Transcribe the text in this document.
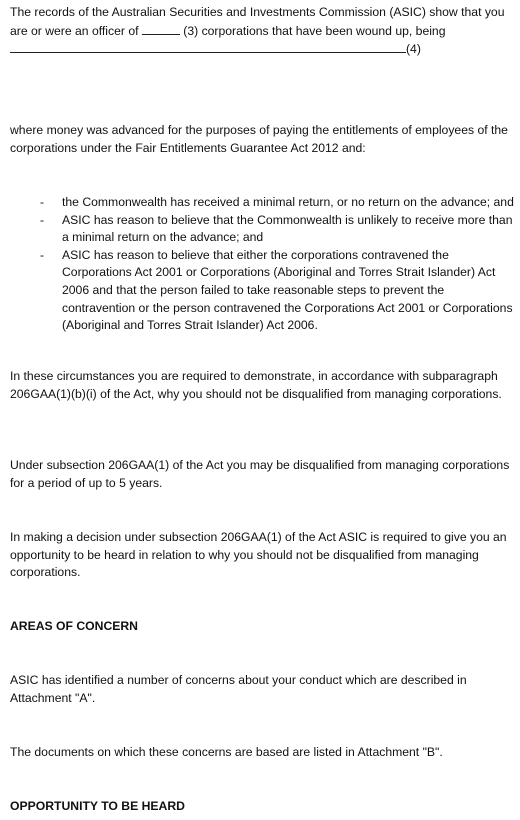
The records of the Australian Securities and Investments Commission (ASIC) show that you are or were an officer of	(3) corporations that have been wound up, being (4)

where money was advanced for the purposes of paying the entitlements of employees of the corporations under the Fair Entitlements Guarantee Act 2012 and:

- the Commonwealth has received a minimal return, or no return on the advance; and
- ASIC has reason to believe that the Commonwealth is unlikely to receive more than a minimal return on the advance; and
- ASIC has reason to believe that either the corporations contravened the Corporations Act 2001 or Corporations (Aboriginal and Torres Strait Islander) Act 2006 and that the person failed to take reasonable steps to prevent the contravention or the person contravened the Corporations Act 2001 or Corporations (Aboriginal and Torres Strait Islander) Act 2006.

In these circumstances you are required to demonstrate, in accordance with subparagraph 206GAA(1)(b)(i) of the Act, why you should not be disqualified from managing corporations.

Under subsection 206GAA(1) of the Act you may be disqualified from managing corporations for a period of up to 5 years.

In making a decision under subsection 206GAA(1) of the Act ASIC is required to give you an opportunity to be heard in relation to why you should not be disqualified from managing corporations.

AREAS OF CONCERN

ASIC has identified a number of concerns about your conduct which are described in Attachment "A".

The documents on which these concerns are based are listed in Attachment "B".

OPPORTUNITY TO BE HEARD
